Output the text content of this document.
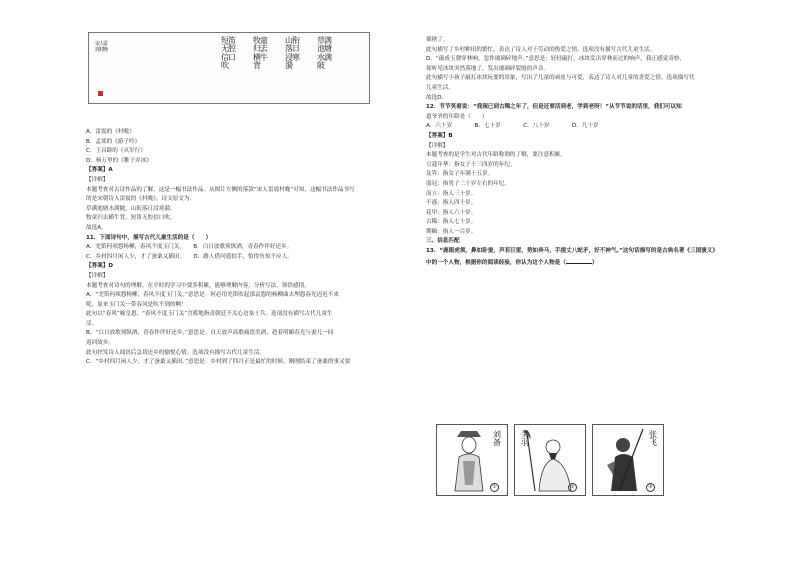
宋人雷震村晚
草满池塘水满陂
山衔落日浸寒漪
牧童归去横牛背
短笛无腔信口吹

A．雷震的《村晚》

B．孟郊的《游子吟》

C．王昌龄的《从军行》

D．杨万里的《稚子弄冰》

【答案】A

【详解】

本题考查对古诗作品的了解。这是一幅书法作品。从图片左侧的落款“宋人雷震村晚”可知，这幅书法作品书写

的是宋朝诗人雷震的《村晚》。诗文原文为：

草满池塘水满陂，山衔落日浸寒漪。

牧童归去横牛背，短笛无腔信口吹。

故选A。

11．下面诗句中，描写古代儿童生活的是（　　）

A．羌笛何须怨杨柳，春风不度玉门关。　　B．白日放歌须纵酒，青春作伴好还乡。

C．乡村四月闲人少，才了蚕桑又插田。　　D．路人借问遥招手，怕得鱼惊不应人。

【答案】D

【详解】

本题考查对诗句的理解。在平时的学习中要多积累，能够理解内容，分析写法，领悟感情。

A．“羌笛何须怨杨柳，春风不度玉门关。”意思是：何必用羌笛吹起那哀怨的杨柳曲去埋怨春光迟迟不来

呢，原来玉门关一带春风是吹不到的啊！

此句以“春风”喻皇恩，“春风不度玉门关”含蓄地指责朝廷不关心边塞士兵。选项没有描写古代儿童生

活。

B．“白日放歌须纵酒，青春作伴好还乡。”意思是：白天放声高歌痛饮美酒，趁着明媚春光与妻儿一同

返回故乡。

此句抒发诗人闻讯后急切还乡的愉悦心情。选项没有描写古代儿童生活。

C．“乡村四月闲人少，才了蚕桑又插田。”意思是：乡村到了四月正是最忙的时候，刚刚结束了蚕桑的事又要

插秧了。

此句描写了乡村种田的繁忙，表达了诗人对于劳动的热爱之情。选项没有描写古代儿童生活。

D．“敲成玉磬穿林响，忽作玻璃碎地声。”意思是：轻轻敲打，冰块发出穿林而过的响声，我正感觉奇妙，

却听见冰块突然落地了，发出玻璃碎裂般的声音。

此句描写小孩子敲打冰块玩耍的景象，写出了儿童的顽皮与可爱，表达了诗人对儿童的喜爱之情。选项描写代

儿童生活。

故选D。

12．节节笑着说：“我现已到古稀之年了，但是还要活到老，学到老呀！”从节节说的话里，我们可以知

道爷爷的年龄是（　　）

A．六十岁　　　　B．七十岁　　　　C．八十岁　　　　D．九十岁

【答案】B

【详解】

本题考查的是学生对古代年龄称谓的了解，要注意积累。

豆蔻年华：指女子十三四岁的年纪。

及笄：指女子年满十五岁。

弱冠：指男子二十岁左右的年纪。

而立：指人三十岁。

不惑：指人四十岁。

花甲：指人六十岁。

古稀：指人七十岁。

期颐：指人一百岁。

三、信息匹配

13．“鹿眼虎须，鼻如卧蚕，声若巨雷，势如奔马，手提丈八蛇矛，好不神气。”这句话描写的是古典名著《三国演义》

中的一个人物，根据你的阅读经验，你认为这个人物是（	）

刘备
①
关羽
②
张飞
③
